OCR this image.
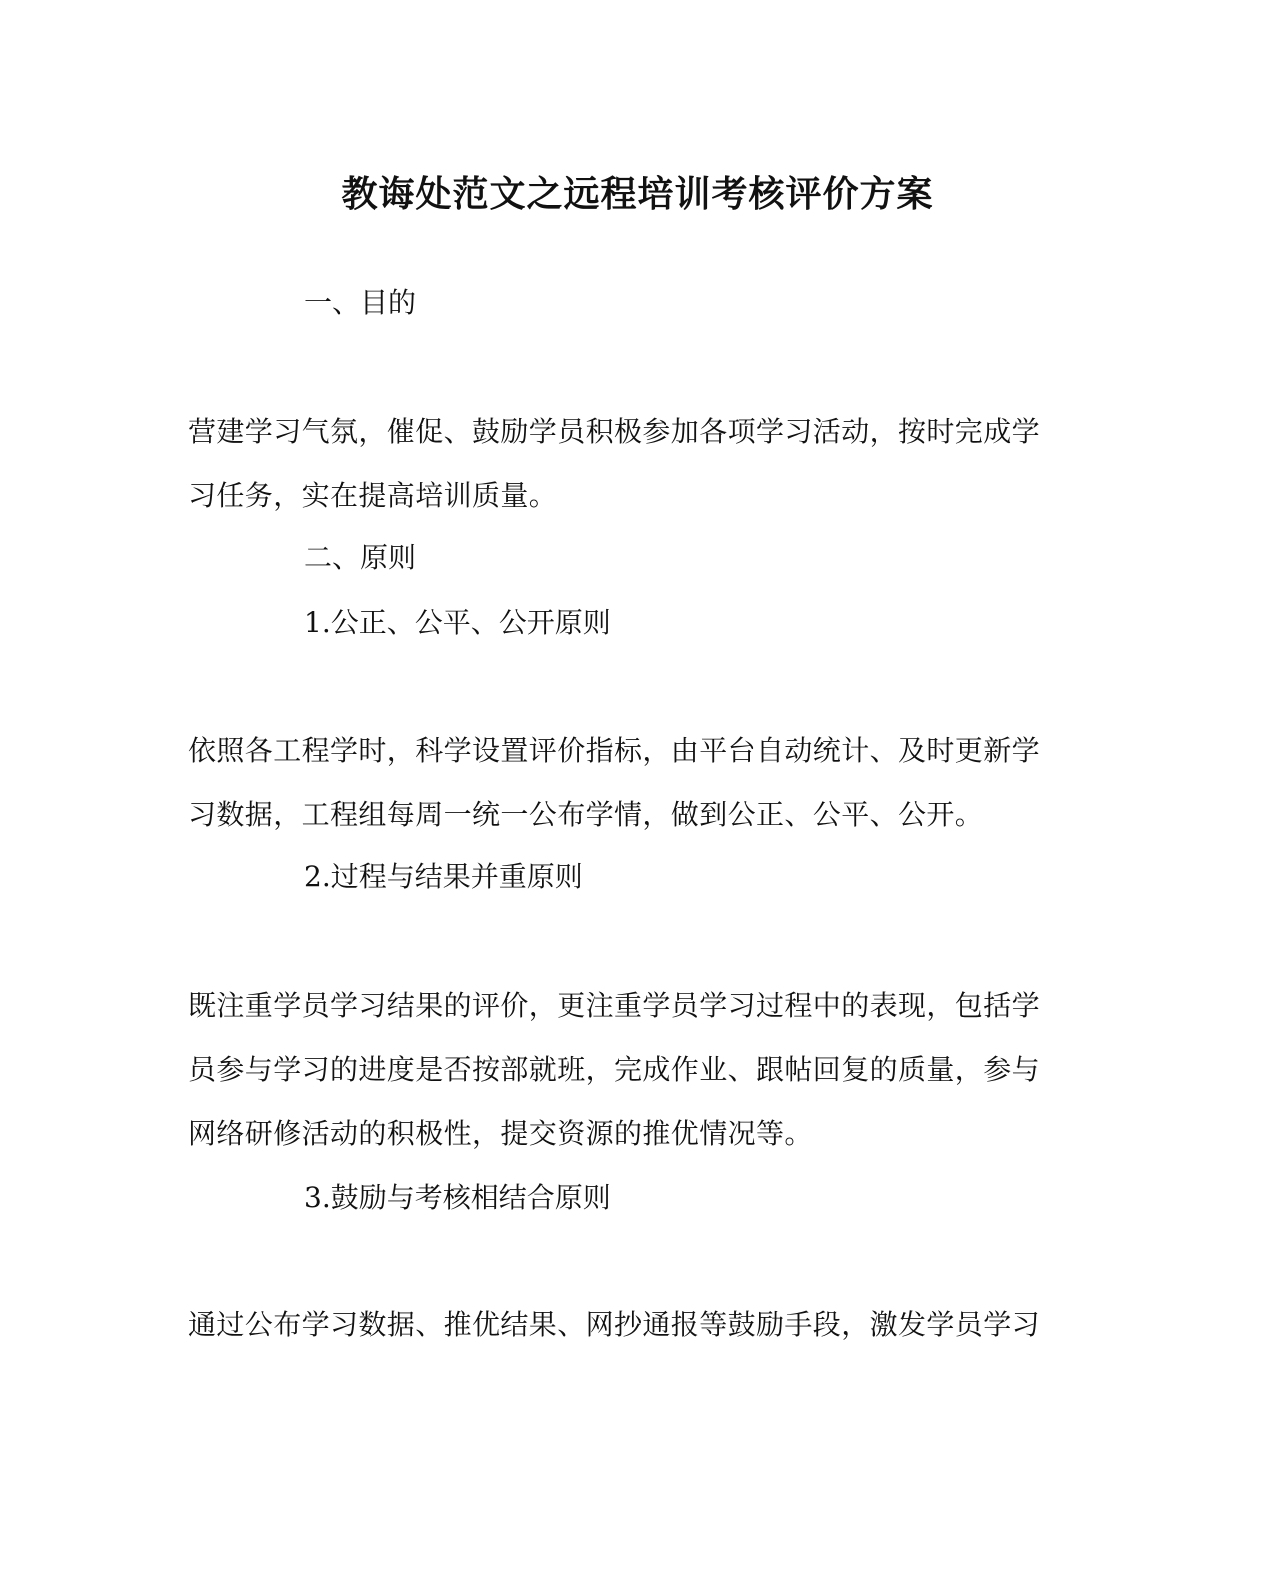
教诲处范文之远程培训考核评价方案
一、目的
营建学习气氛，催促、鼓励学员积极参加各项学习活动，按时完成学
习任务，实在提高培训质量。
二、原则
1.公正、公平、公开原则
依照各工程学时，科学设置评价指标，由平台自动统计、及时更新学
习数据，工程组每周一统一公布学情，做到公正、公平、公开。
2.过程与结果并重原则
既注重学员学习结果的评价，更注重学员学习过程中的表现，包括学
员参与学习的进度是否按部就班，完成作业、跟帖回复的质量，参与
网络研修活动的积极性，提交资源的推优情况等。
3.鼓励与考核相结合原则
通过公布学习数据、推优结果、网抄通报等鼓励手段，激发学员学习
